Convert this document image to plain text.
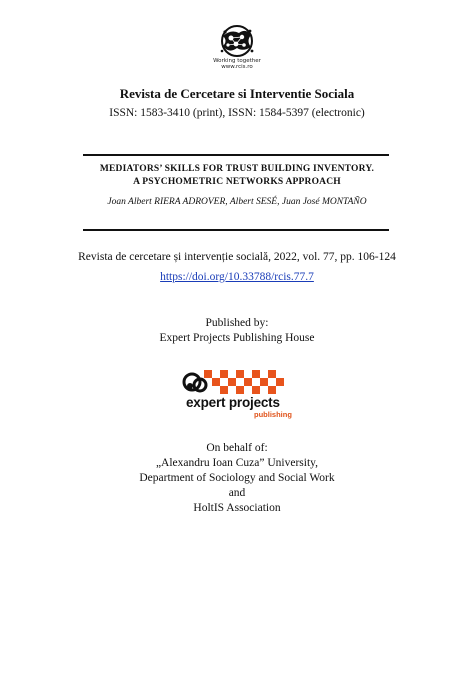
Working together
www.rcis.ro
Revista de Cercetare si Interventie Sociala
ISSN: 1583-3410 (print), ISSN: 1584-5397 (electronic)
MEDIATORS’ SKILLS FOR TRUST BUILDING INVENTORY.
A PSYCHOMETRIC NETWORKS APPROACH
Joan Albert RIERA ADROVER, Albert SESÉ, Juan José MONTAÑO
Revista de cercetare și intervenție socială, 2022, vol. 77, pp. 106-124
https://doi.org/10.33788/rcis.77.7
Published by:
Expert Projects Publishing House
expert projects
publishing
On behalf of:
„Alexandru Ioan Cuza” University,
Department of Sociology and Social Work
and
HoltIS Association
